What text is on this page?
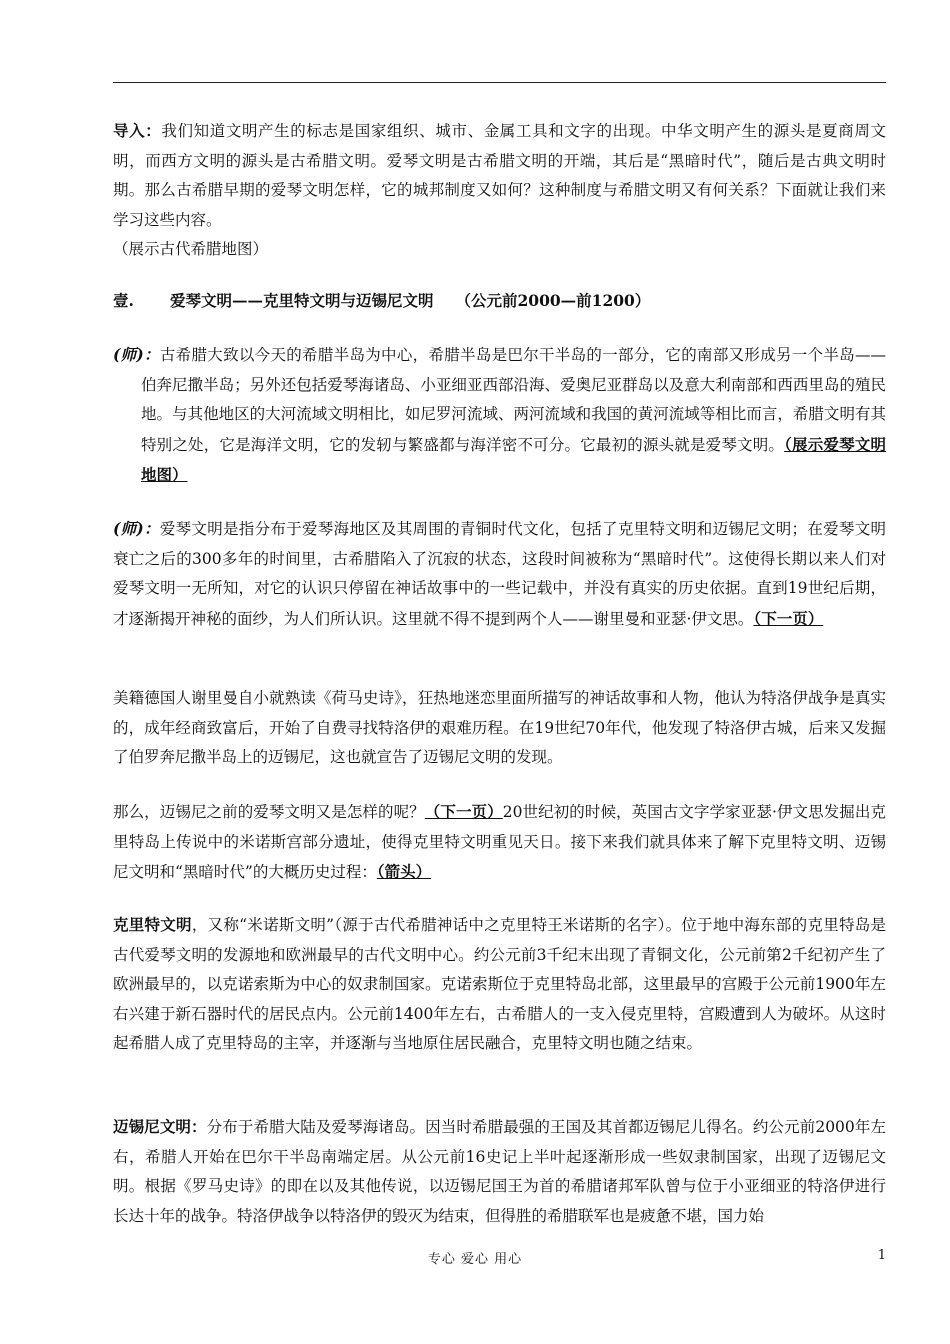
导入：我们知道文明产生的标志是国家组织、城市、金属工具和文字的出现。中华文明产生的源头是夏商周文明，而西方文明的源头是古希腊文明。爱琴文明是古希腊文明的开端，其后是“黑暗时代”，随后是古典文明时期。那么古希腊早期的爱琴文明怎样，它的城邦制度又如何？这种制度与希腊文明又有何关系？下面就让我们来学习这些内容。
（展示古代希腊地图）
壹. 爱琴文明——克里特文明与迈锡尼文明 （公元前2000—前1200）
(师)：古希腊大致以今天的希腊半岛为中心，希腊半岛是巴尔干半岛的一部分，它的南部又形成另一个半岛——伯奔尼撒半岛；另外还包括爱琴海诸岛、小亚细亚西部沿海、爱奥尼亚群岛以及意大利南部和西西里岛的殖民地。与其他地区的大河流域文明相比，如尼罗河流域、两河流域和我国的黄河流域等相比而言，希腊文明有其特别之处，它是海洋文明，它的发轫与繁盛都与海洋密不可分。它最初的源头就是爱琴文明。（展示爱琴文明地图）
(师)：爱琴文明是指分布于爱琴海地区及其周围的青铜时代文化，包括了克里特文明和迈锡尼文明；在爱琴文明衰亡之后的300多年的时间里，古希腊陷入了沉寂的状态，这段时间被称为“黑暗时代”。这使得长期以来人们对爱琴文明一无所知，对它的认识只停留在神话故事中的一些记载中，并没有真实的历史依据。直到19世纪后期，才逐渐揭开神秘的面纱，为人们所认识。这里就不得不提到两个人——谢里曼和亚瑟·伊文思。（下一页）
美籍德国人谢里曼自小就熟读《荷马史诗》，狂热地迷恋里面所描写的神话故事和人物，他认为特洛伊战争是真实的，成年经商致富后，开始了自费寻找特洛伊的艰难历程。在19世纪70年代，他发现了特洛伊古城，后来又发掘了伯罗奔尼撒半岛上的迈锡尼，这也就宣告了迈锡尼文明的发现。
那么，迈锡尼之前的爱琴文明又是怎样的呢？（下一页）20世纪初的时候，英国古文字学家亚瑟·伊文思发掘出克里特岛上传说中的米诺斯宫部分遗址，使得克里特文明重见天日。接下来我们就具体来了解下克里特文明、迈锡尼文明和“黑暗时代”的大概历史过程：（箭头）
克里特文明，又称“米诺斯文明”（源于古代希腊神话中之克里特王米诺斯的名字）。位于地中海东部的克里特岛是古代爱琴文明的发源地和欧洲最早的古代文明中心。约公元前3千纪末出现了青铜文化，公元前第2千纪初产生了欧洲最早的，以克诺索斯为中心的奴隶制国家。克诺索斯位于克里特岛北部，这里最早的宫殿于公元前1900年左右兴建于新石器时代的居民点内。公元前1400年左右，古希腊人的一支入侵克里特，宫殿遭到人为破坏。从这时起希腊人成了克里特岛的主宰，并逐渐与当地原住居民融合，克里特文明也随之结束。
迈锡尼文明：分布于希腊大陆及爱琴海诸岛。因当时希腊最强的王国及其首都迈锡尼儿得名。约公元前2000年左右，希腊人开始在巴尔干半岛南端定居。从公元前16史记上半叶起逐渐形成一些奴隶制国家，出现了迈锡尼文明。根据《罗马史诗》的即在以及其他传说，以迈锡尼国王为首的希腊诸邦军队曾与位于小亚细亚的特洛伊进行长达十年的战争。特洛伊战争以特洛伊的毁灭为结束，但得胜的希腊联军也是疲惫不堪，国力始
专心 爱心 用心	1
